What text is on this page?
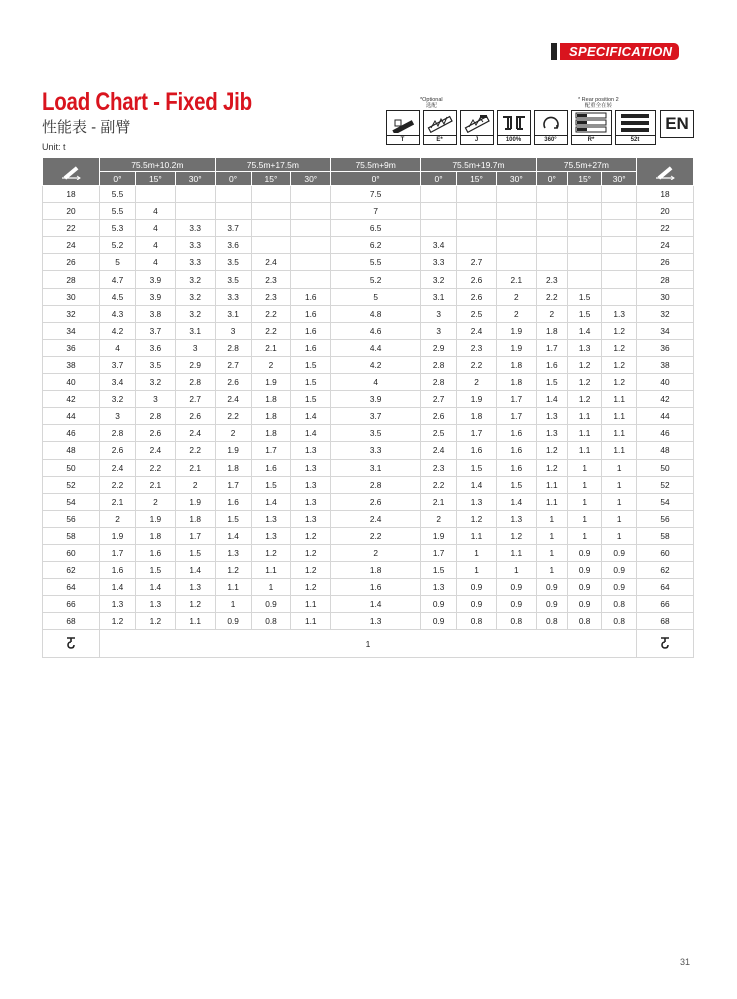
SPECIFICATION
Load Chart - Fixed Jib
性能表 - 副臂
Unit: t
*Optional
选配
* Rear position 2
配重全在转
T	E*	J	100%	360°	R*	52t
EN
	75.5m+10.2m			75.5m+17.5m			75.5m+9m	75.5m+19.7m			75.5m+27m	
	0°	15°	30°	0°	15°	30°	0°	0°	15°	30°	0°	15°	30°	
18	5.5						7.5							18
20	5.5	4					7							20
22	5.3	4	3.3	3.7			6.5							22
24	5.2	4	3.3	3.6			6.2	3.4						24
26	5	4	3.3	3.5	2.4		5.5	3.3	2.7					26
28	4.7	3.9	3.2	3.5	2.3		5.2	3.2	2.6	2.1	2.3			28
30	4.5	3.9	3.2	3.3	2.3	1.6	5	3.1	2.6	2	2.2	1.5		30
32	4.3	3.8	3.2	3.1	2.2	1.6	4.8	3	2.5	2	2	1.5	1.3	32
34	4.2	3.7	3.1	3	2.2	1.6	4.6	3	2.4	1.9	1.8	1.4	1.2	34
36	4	3.6	3	2.8	2.1	1.6	4.4	2.9	2.3	1.9	1.7	1.3	1.2	36
38	3.7	3.5	2.9	2.7	2	1.5	4.2	2.8	2.2	1.8	1.6	1.2	1.2	38
40	3.4	3.2	2.8	2.6	1.9	1.5	4	2.8	2	1.8	1.5	1.2	1.2	40
42	3.2	3	2.7	2.4	1.8	1.5	3.9	2.7	1.9	1.7	1.4	1.2	1.1	42
44	3	2.8	2.6	2.2	1.8	1.4	3.7	2.6	1.8	1.7	1.3	1.1	1.1	44
46	2.8	2.6	2.4	2	1.8	1.4	3.5	2.5	1.7	1.6	1.3	1.1	1.1	46
48	2.6	2.4	2.2	1.9	1.7	1.3	3.3	2.4	1.6	1.6	1.2	1.1	1.1	48
50	2.4	2.2	2.1	1.8	1.6	1.3	3.1	2.3	1.5	1.6	1.2	1	1	50
52	2.2	2.1	2	1.7	1.5	1.3	2.8	2.2	1.4	1.5	1.1	1	1	52
54	2.1	2	1.9	1.6	1.4	1.3	2.6	2.1	1.3	1.4	1.1	1	1	54
56	2	1.9	1.8	1.5	1.3	1.3	2.4	2	1.2	1.3	1	1	1	56
58	1.9	1.8	1.7	1.4	1.3	1.2	2.2	1.9	1.1	1.2	1	1	1	58
60	1.7	1.6	1.5	1.3	1.2	1.2	2	1.7	1	1.1	1	0.9	0.9	60
62	1.6	1.5	1.4	1.2	1.1	1.2	1.8	1.5	1	1	1	0.9	0.9	62
64	1.4	1.4	1.3	1.1	1	1.2	1.6	1.3	0.9	0.9	0.9	0.9	0.9	64
66	1.3	1.3	1.2	1	0.9	1.1	1.4	0.9	0.9	0.9	0.9	0.9	0.8	66
68	1.2	1.2	1.1	0.9	0.8	1.1	1.3	0.9	0.8	0.8	0.8	0.8	0.8	68
	1	
31
